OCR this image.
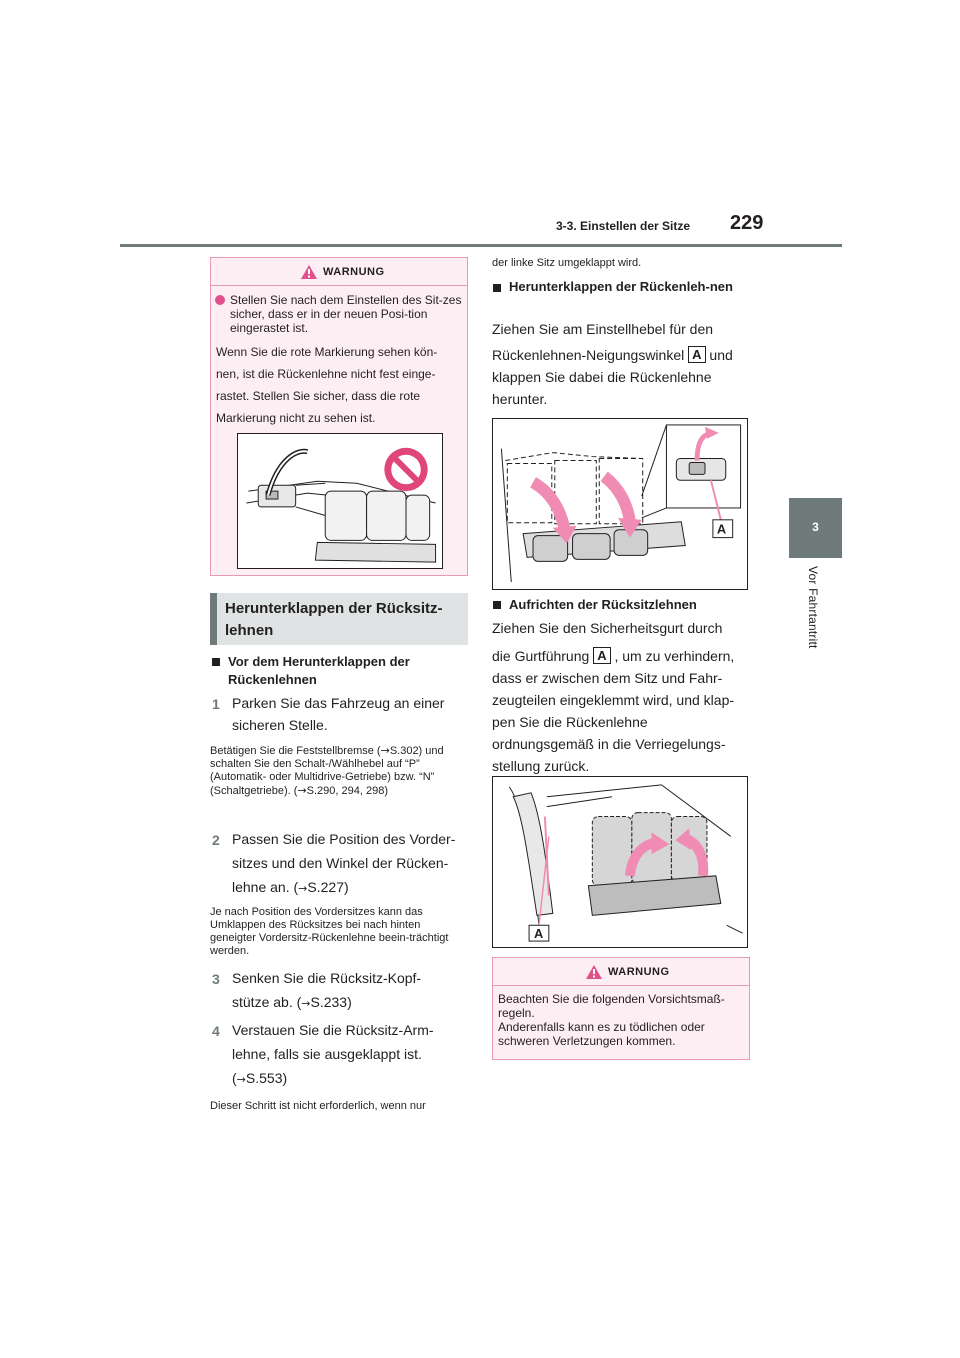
3-3. Einstellen der Sitze 229
3
Vor Fahrtantritt
WARNUNG
Stellen Sie nach dem Einstellen des Sit-zes sicher, dass er in der neuen Posi-tion eingerastet ist.
Wenn Sie die rote Markierung sehen kön-
nen, ist die Rückenlehne nicht fest einge-
rastet. Stellen Sie sicher, dass die rote
Markierung nicht zu sehen ist.
Herunterklappen der Rücksitz-lehnen
Vor dem Herunterklappen der Rückenlehnen
1 Parken Sie das Fahrzeug an einer
sicheren Stelle.
Betätigen Sie die Feststellbremse (→S.302) und schalten Sie den Schalt-/Wählhebel auf “P” (Automatik- oder Multidrive-Getriebe) bzw. “N” (Schaltgetriebe). (→S.290, 294, 298)
2 Passen Sie die Position des Vorder-
sitzes und den Winkel der Rücken-
lehne an. (→S.227)
Je nach Position des Vordersitzes kann das Umklappen des Rücksitzes bei nach hinten geneigter Vordersitz-Rückenlehne beein-trächtigt werden.
3 Senken Sie die Rücksitz-Kopf-
stütze ab. (→S.233)
4 Verstauen Sie die Rücksitz-Arm-
lehne, falls sie ausgeklappt ist.
(→S.553)
Dieser Schritt ist nicht erforderlich, wenn nur
der linke Sitz umgeklappt wird.
Herunterklappen der Rückenleh-nen
Ziehen Sie am Einstellhebel für den
Rückenlehnen-Neigungswinkel A und
klappen Sie dabei die Rückenlehne
herunter.
A
Aufrichten der Rücksitzlehnen
Ziehen Sie den Sicherheitsgurt durch
die Gurtführung A , um zu verhindern,
dass er zwischen dem Sitz und Fahr-
zeugteilen eingeklemmt wird, und klap-
pen Sie die Rückenlehne
ordnungsgemäß in die Verriegelungs-
stellung zurück.
A
WARNUNG
Beachten Sie die folgenden Vorsichtsmaß-
regeln.
Anderenfalls kann es zu tödlichen oder
schweren Verletzungen kommen.
